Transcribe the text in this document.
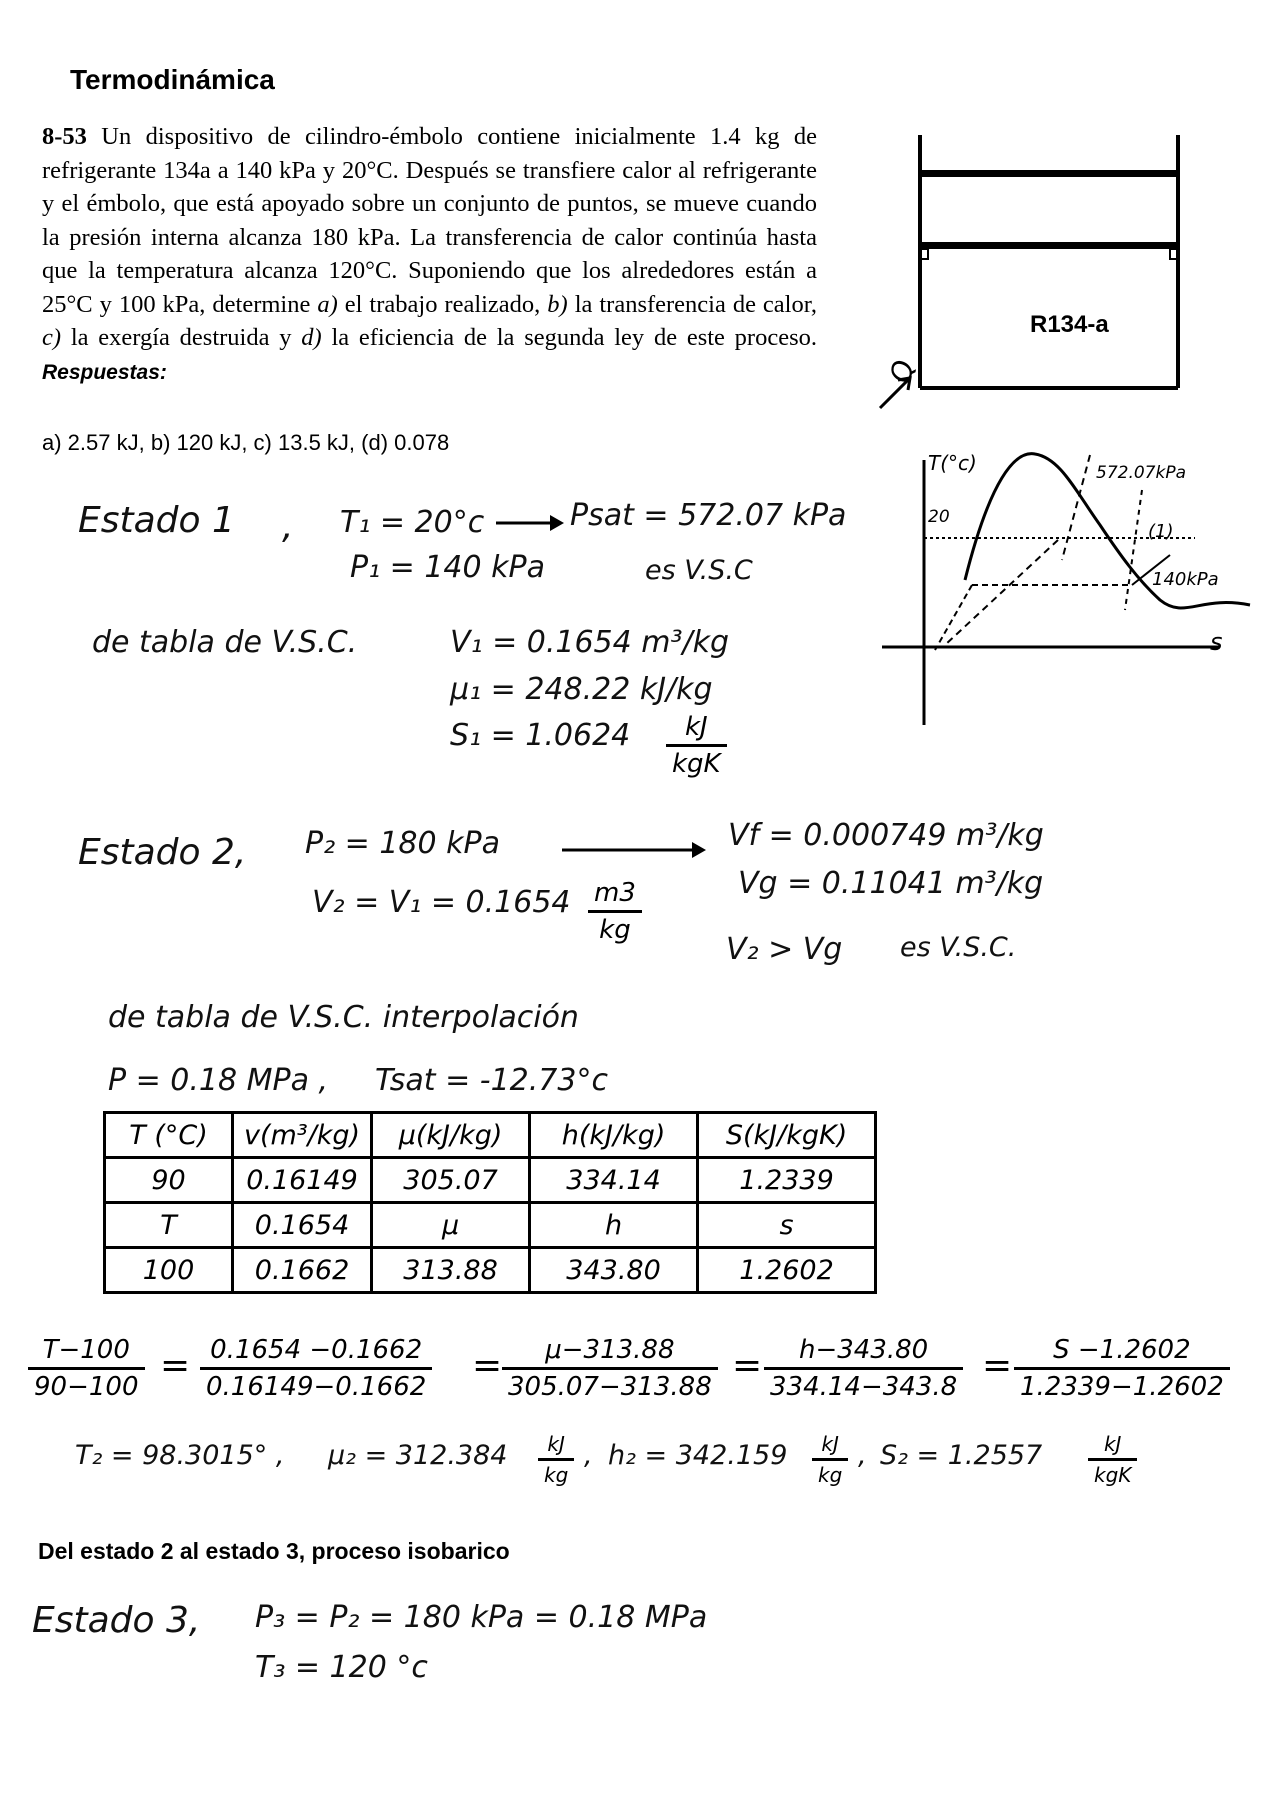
Termodinámica
8-53 Un dispositivo de cilindro-émbolo contiene inicialmente 1.4 kg de refrigerante 134a a 140 kPa y 20°C. Después se transfiere calor al refrigerante y el émbolo, que está apoyado sobre un conjunto de puntos, se mueve cuando la presión interna alcanza 180 kPa. La transferencia de calor continúa hasta que la temperatura alcanza 120°C. Suponiendo que los alrededores están a 25°C y 100 kPa, determine a) el trabajo realizado, b) la transferencia de calor, c) la exergía destruida y d) la eficiencia de la segunda ley de este proceso. Respuestas:
a) 2.57 kJ, b) 120 kJ, c) 13.5 kJ, (d) 0.078
R134-a
Q
T(°c)
20
572.07kPa
(1)
140kPa
s
Estado 1 , T₁ = 20°c	Psat = 572.07 kPa
P₁ = 140 kPa	es V.S.C
de tabla de V.S.C.	V₁ = 0.1654 m³/kg
μ₁ = 248.22 kJ/kg
S₁ = 1.0624	kJ
kgK
Estado 2, P₂ = 180 kPa	Vf = 0.000749 m³/kg
$V_2 = V_1 = 0.1654 \frac{m3}{kg}$	Vg = 0.11041 m³/kg
V₂ > Vg es V.S.C.
de tabla de V.S.C. interpolación
P = 0.18 MPa , Tsat = -12.73°c
T (°C)	v(m³/kg)	μ(kJ/kg)	h(kJ/kg)	S(kJ/kgK)
90	0.16149	305.07	334.14	1.2339
T	0.1654	μ	h	s
100	0.1662	313.88	343.80	1.2602
$\frac{T-100}{90-100} = \frac{0.1654 -0.1662}{0.16149-0.1662} = \frac{\mu-313.88}{305.07-313.88} = \frac{h-343.80}{334.14-343.8} = \frac{S -1.2602}{1.2339-1.2602}$
T₂ = 98.3015° , $\mu_2 = 312.384 \frac{kJ}{kg}$ , $h_2 = 342.159 \frac{kJ}{kg}$ , S₂ = 1.2557	kJ
kgK
Del estado 2 al estado 3, proceso isobarico
Estado 3, P₃ = P₂ = 180 kPa = 0.18 MPa
T₃ = 120 °c
